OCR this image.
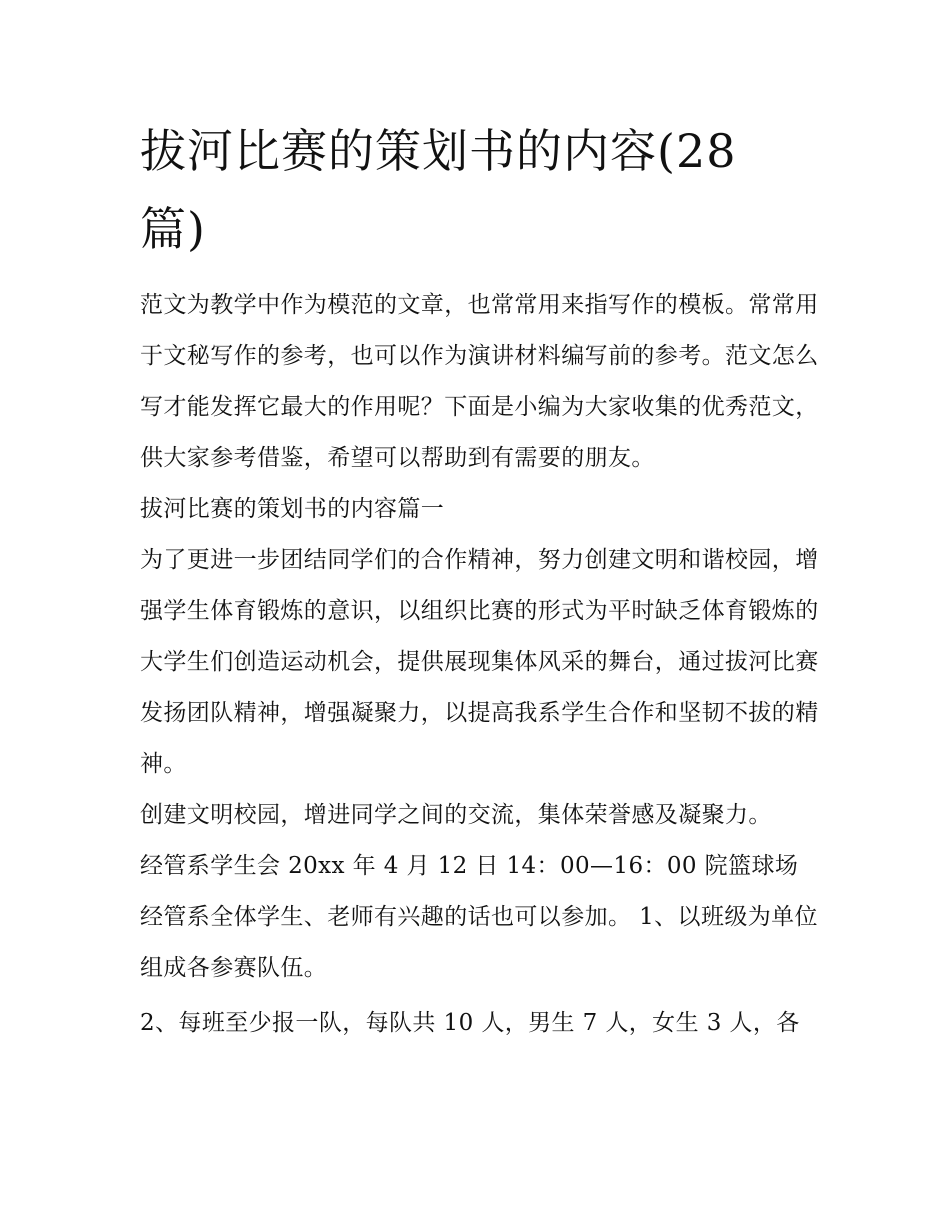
拔河比赛的策划书的内容(28
篇)

范文为教学中作为模范的文章，也常常用来指写作的模板。常常用于文秘写作的参考，也可以作为演讲材料编写前的参考。范文怎么写才能发挥它最大的作用呢？下面是小编为大家收集的优秀范文，供大家参考借鉴，希望可以帮助到有需要的朋友。

拔河比赛的策划书的内容篇一

为了更进一步团结同学们的合作精神，努力创建文明和谐校园，增强学生体育锻炼的意识，以组织比赛的形式为平时缺乏体育锻炼的大学生们创造运动机会，提供展现集体风采的舞台，通过拔河比赛发扬团队精神，增强凝聚力，以提高我系学生合作和坚韧不拔的精神。

创建文明校园，增进同学之间的交流，集体荣誉感及凝聚力。

经管系学生会 20xx 年 4 月 12 日 14：00—16：00 院篮球场

经管系全体学生、老师有兴趣的话也可以参加。 1、以班级为单位组成各参赛队伍。

2、每班至少报一队，每队共 10 人，男生 7 人，女生 3 人，各
